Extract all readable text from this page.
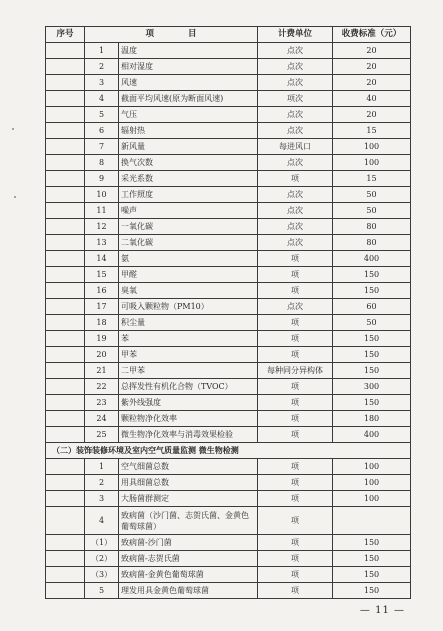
序号	项　　　　目		计费单位	收费标准（元）
	1	温度	点次	20
	2	相对湿度	点次	20
	3	风速	点次	20
	4	截面平均风速(原为断面风速)	项次	40
	5	气压	点次	20
	6	辐射热	点次	15
	7	新风量	每进风口	100
	8	换气次数	点次	100
	9	采光系数	项	15
	10	工作照度	点次	50
	11	噪声	点次	50
	12	一氧化碳	点次	80
	13	二氧化碳	点次	80
	14	氨	项	400
	15	甲醛	项	150
	16	臭氧	项	150
	17	可吸入颗粒物（PM10）	点次	60
	18	积尘量	项	50
	19	苯	项	150
	20	甲苯	项	150
	21	二甲苯	每种同分异构体	150
	22	总挥发性有机化合物（TVOC）	项	300
	23	紫外线强度	项	150
	24	颗粒物净化效率	项	180
	25	微生物净化效率与消毒效果检验	项	400
（二）装饰装修环境及室内空气质量监测 微生物检测				
	1	空气细菌总数	项	100
	2	用具细菌总数	项	100
	3	大肠菌群测定	项	100
	4	致病菌（沙门菌、志贺氏菌、金黄色葡萄球菌）	项	
	（1）	致病菌-沙门菌	项	150
	（2）	致病菌-志贺氏菌	项	150
	（3）	致病菌-金黄色葡萄球菌	项	150
	5	理发用具金黄色葡萄球菌	项	150
— 11 —
